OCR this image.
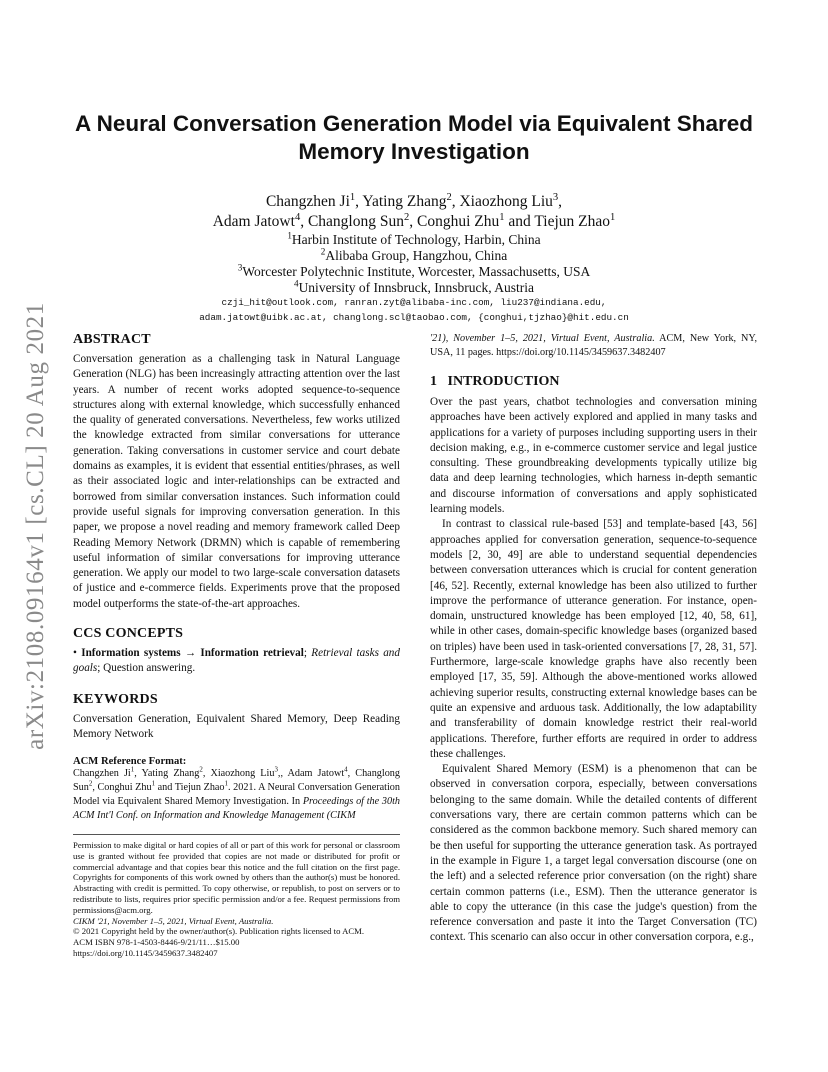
arXiv:2108.09164v1 [cs.CL] 20 Aug 2021
A Neural Conversation Generation Model via Equivalent Shared
Memory Investigation
Changzhen Ji$^1$, Yating Zhang$^2$, Xiaozhong Liu$^3$,
Adam Jatowt$^4$, Changlong Sun$^2$, Conghui Zhu$^1$ and Tiejun Zhao$^1$
$^1$Harbin Institute of Technology, Harbin, China
$^2$Alibaba Group, Hangzhou, China
$^3$Worcester Polytechnic Institute, Worcester, Massachusetts, USA
$^4$University of Innsbruck, Innsbruck, Austria
czji_hit@outlook.com, ranran.zyt@alibaba-inc.com, liu237@indiana.edu,
adam.jatowt@uibk.ac.at, changlong.scl@taobao.com, {conghui,tjzhao}@hit.edu.cn
ABSTRACT

Conversation generation as a challenging task in Natural Language Generation (NLG) has been increasingly attracting attention over the last years. A number of recent works adopted sequence-to-sequence structures along with external knowledge, which successfully enhanced the quality of generated conversations. Nevertheless, few works utilized the knowledge extracted from similar conversations for utterance generation. Taking conversations in customer service and court debate domains as examples, it is evident that essential entities/phrases, as well as their associated logic and inter-relationships can be extracted and borrowed from similar conversation instances. Such information could provide useful signals for improving conversation generation. In this paper, we propose a novel reading and memory framework called Deep Reading Memory Network (DRMN) which is capable of remembering useful information of similar conversations for improving utterance generation. We apply our model to two large-scale conversation datasets of justice and e-commerce fields. Experiments prove that the proposed model outperforms the state-of-the-art approaches.

CCS CONCEPTS

• Information systems → Information retrieval; Retrieval tasks and goals; Question answering.

KEYWORDS

Conversation Generation, Equivalent Shared Memory, Deep Reading Memory Network

ACM Reference Format:

Changzhen Ji$^1$, Yating Zhang$^2$, Xiaozhong Liu$^3$,, Adam Jatowt$^4$, Changlong Sun$^2$, Conghui Zhu$^1$ and Tiejun Zhao$^1$. 2021. A Neural Conversation Generation Model via Equivalent Shared Memory Investigation. In Proceedings of the 30th ACM Int'l Conf. on Information and Knowledge Management (CIKM

Permission to make digital or hard copies of all or part of this work for personal or classroom use is granted without fee provided that copies are not made or distributed for profit or commercial advantage and that copies bear this notice and the full citation on the first page. Copyrights for components of this work owned by others than the author(s) must be honored. Abstracting with credit is permitted. To copy otherwise, or republish, to post on servers or to redistribute to lists, requires prior specific permission and/or a fee. Request permissions from permissions@acm.org.

CIKM '21, November 1–5, 2021, Virtual Event, Australia.

© 2021 Copyright held by the owner/author(s). Publication rights licensed to ACM.

ACM ISBN 978-1-4503-8446-9/21/11…$15.00

https://doi.org/10.1145/3459637.3482407

'21), November 1–5, 2021, Virtual Event, Australia. ACM, New York, NY, USA, 11 pages. https://doi.org/10.1145/3459637.3482407

1   INTRODUCTION

Over the past years, chatbot technologies and conversation mining approaches have been actively explored and applied in many tasks and applications for a variety of purposes including supporting users in their decision making, e.g., in e-commerce customer service and legal justice consulting. These groundbreaking developments typically utilize big data and deep learning technologies, which harness in-depth semantic and discourse information of conversations and apply sophisticated learning models.

In contrast to classical rule-based [53] and template-based [43, 56] approaches applied for conversation generation, sequence-to-sequence models [2, 30, 49] are able to understand sequential dependencies between conversation utterances which is crucial for content generation [46, 52]. Recently, external knowledge has been also utilized to further improve the performance of utterance generation. For instance, open-domain, unstructured knowledge has been employed [12, 40, 58, 61], while in other cases, domain-specific knowledge bases (organized based on triples) have been used in task-oriented conversations [7, 28, 31, 57]. Furthermore, large-scale knowledge graphs have also recently been employed [17, 35, 59]. Although the above-mentioned works allowed achieving superior results, constructing external knowledge bases can be quite an expensive and arduous task. Additionally, the low adaptability and transferability of domain knowledge restrict their real-world applications. Therefore, further efforts are required in order to address these challenges.

Equivalent Shared Memory (ESM) is a phenomenon that can be observed in conversation corpora, especially, between conversations belonging to the same domain. While the detailed contents of different conversations vary, there are certain common patterns which can be considered as the common backbone memory. Such shared memory can be then useful for supporting the utterance generation task. As portrayed in the example in Figure 1, a target legal conversation discourse (one on the left) and a selected reference prior conversation (on the right) share certain common patterns (i.e., ESM). Then the utterance generator is able to copy the utterance (in this case the judge's question) from the reference conversation and paste it into the Target Conversation (TC) context. This scenario can also occur in other conversation corpora, e.g.,
